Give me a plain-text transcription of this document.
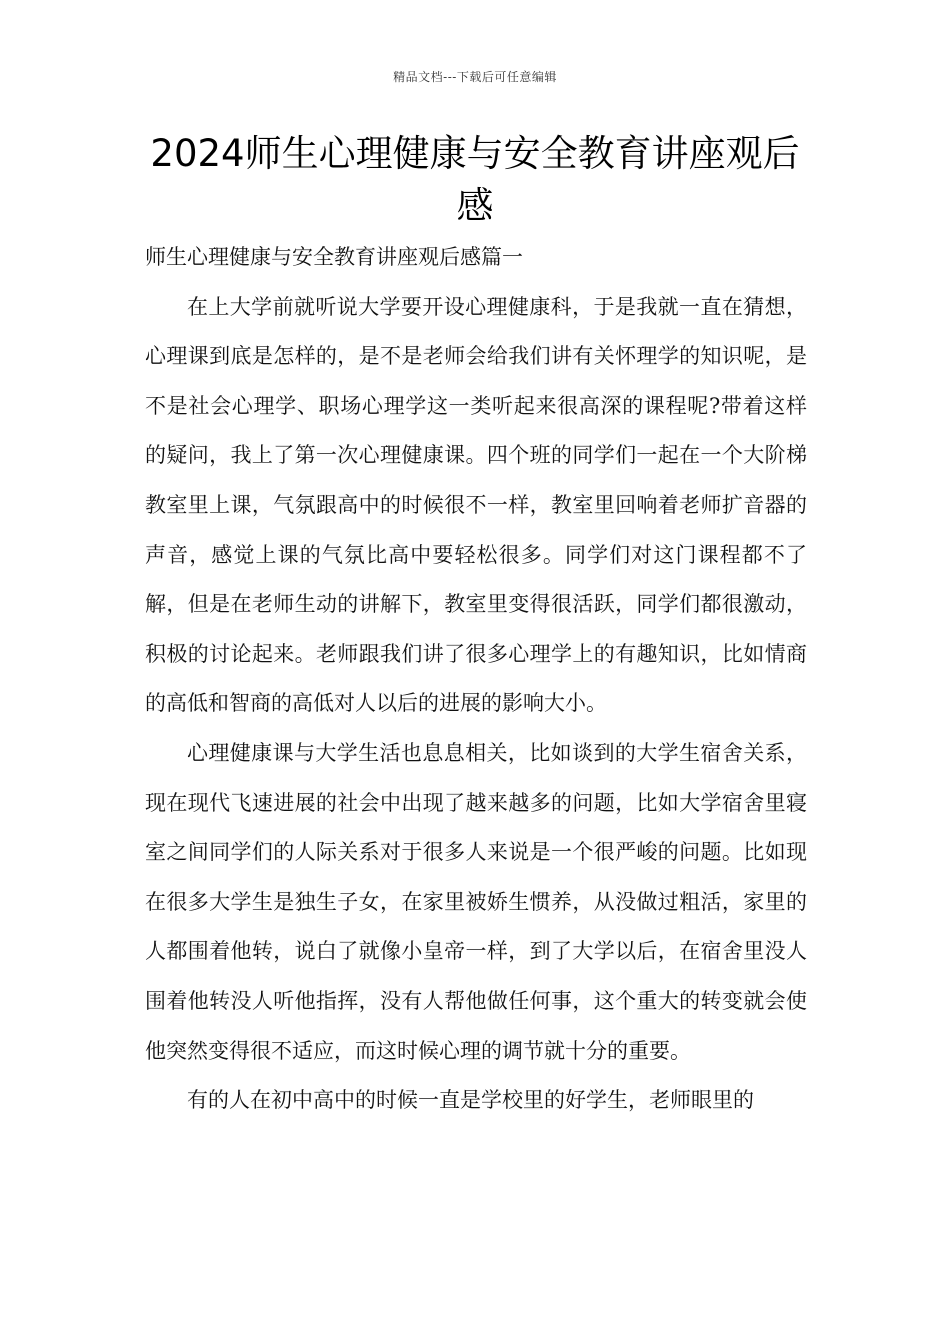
精品文档---下载后可任意编辑
2024师生心理健康与安全教育讲座观后感

师生心理健康与安全教育讲座观后感篇一

在上大学前就听说大学要开设心理健康科，于是我就一直在猜想，心理课到底是怎样的，是不是老师会给我们讲有关怀理学的知识呢，是不是社会心理学、职场心理学这一类听起来很高深的课程呢?带着这样的疑问，我上了第一次心理健康课。四个班的同学们一起在一个大阶梯教室里上课，气氛跟高中的时候很不一样，教室里回响着老师扩音器的声音，感觉上课的气氛比高中要轻松很多。同学们对这门课程都不了解，但是在老师生动的讲解下，教室里变得很活跃，同学们都很激动，积极的讨论起来。老师跟我们讲了很多心理学上的有趣知识，比如情商的高低和智商的高低对人以后的进展的影响大小。

心理健康课与大学生活也息息相关，比如谈到的大学生宿舍关系，现在现代飞速进展的社会中出现了越来越多的问题，比如大学宿舍里寝室之间同学们的人际关系对于很多人来说是一个很严峻的问题。比如现在很多大学生是独生子女，在家里被娇生惯养，从没做过粗活，家里的人都围着他转，说白了就像小皇帝一样，到了大学以后，在宿舍里没人围着他转没人听他指挥，没有人帮他做任何事，这个重大的转变就会使他突然变得很不适应，而这时候心理的调节就十分的重要。

有的人在初中高中的时候一直是学校里的好学生，老师眼里的
